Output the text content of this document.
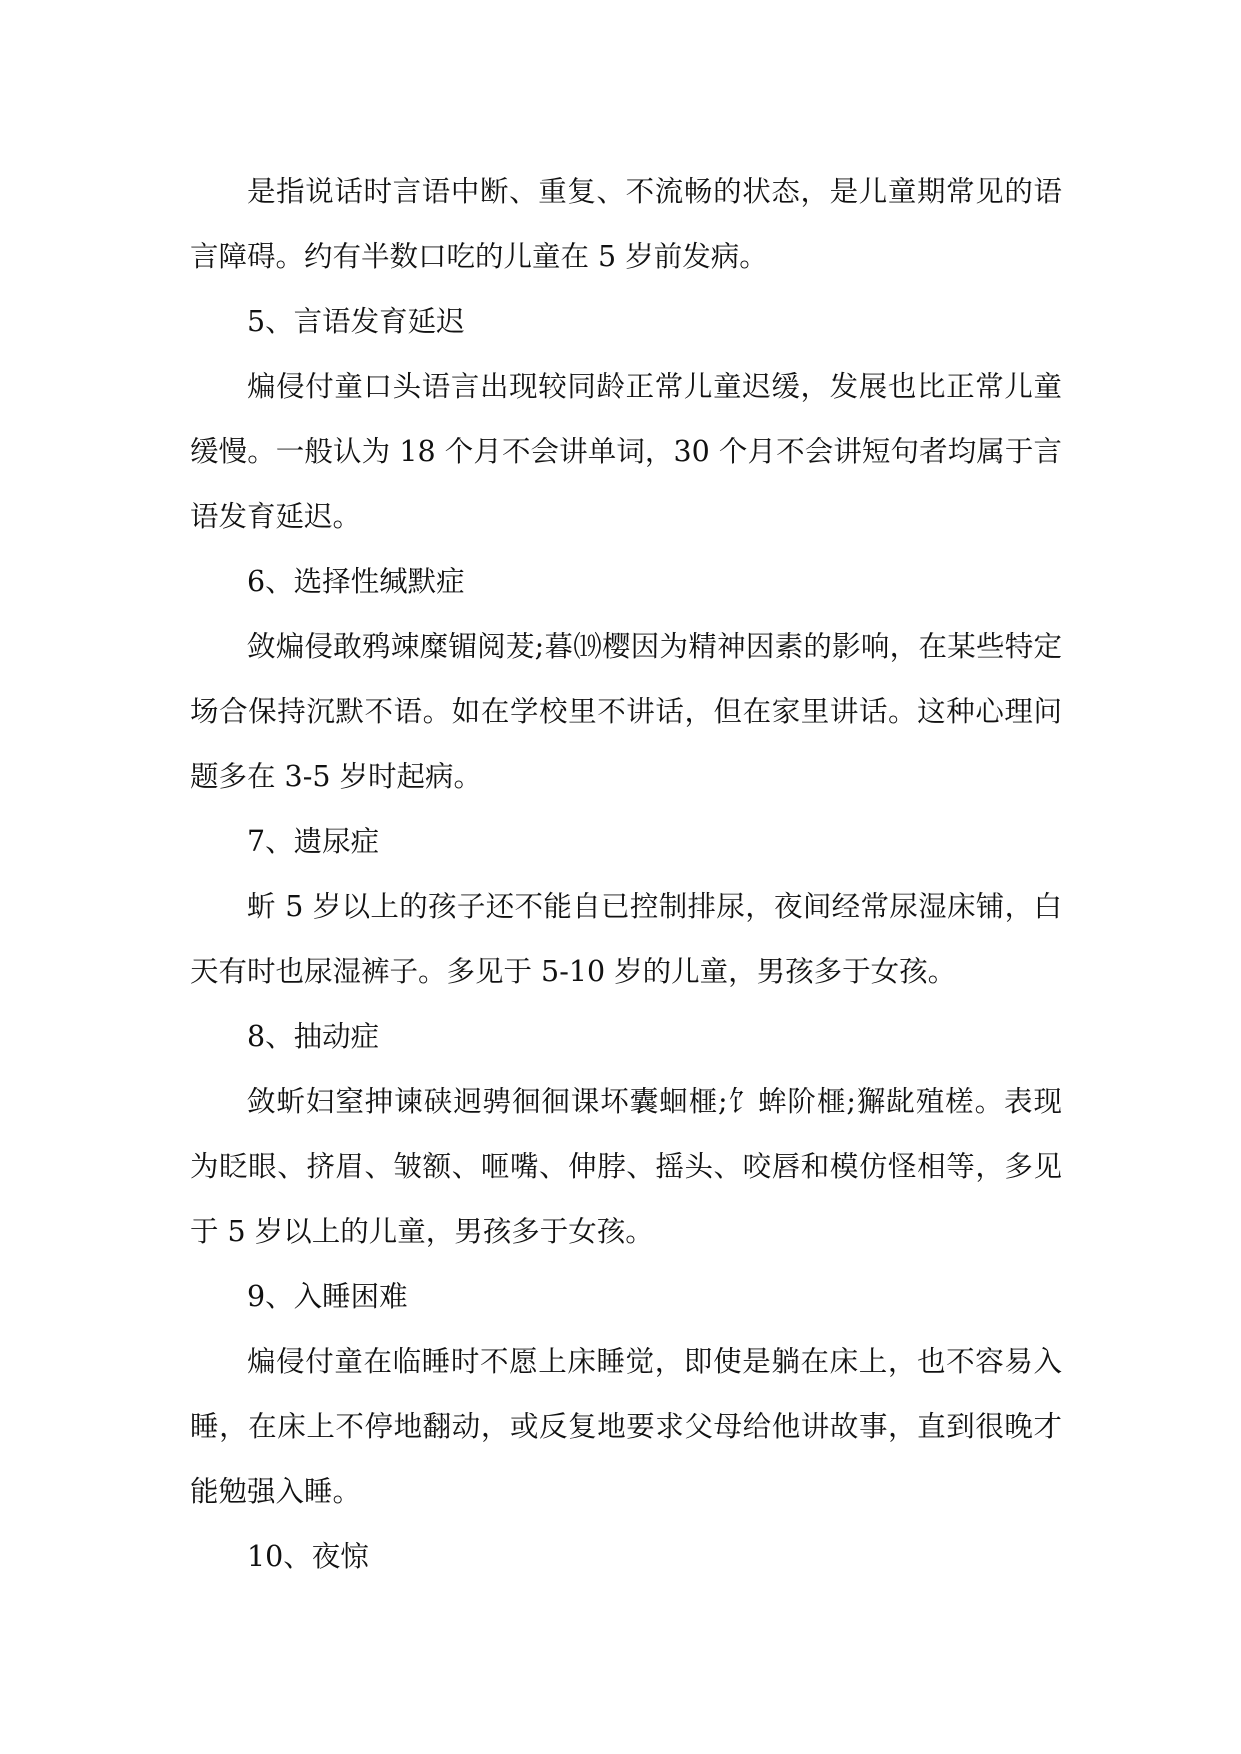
是指说话时言语中断、重复、不流畅的状态，是儿童期常见的语言障碍。约有半数口吃的儿童在 5 岁前发病。

5、言语发育延迟

煸侵付童口头语言出现较同龄正常儿童迟缓，发展也比正常儿童缓慢。一般认为 18 个月不会讲单词，30 个月不会讲短句者均属于言语发育延迟。

6、选择性缄默症

敛煸侵敢鸦竦糜镅阅茇;暮⒆樱因为精神因素的影响，在某些特定场合保持沉默不语。如在学校里不讲话，但在家里讲话。这种心理问题多在 3-5 岁时起病。

7、遗尿症

蚚 5 岁以上的孩子还不能自已控制排尿，夜间经常尿湿床铺，白天有时也尿湿裤子。多见于 5-10 岁的儿童，男孩多于女孩。

8、抽动症

敛蚚妇窒抻谏硖迥骋徊徊课坏囊蛔榧;饣蛑阶榧;獬龀殖槎。表现为眨眼、挤眉、皱额、咂嘴、伸脖、摇头、咬唇和模仿怪相等，多见于 5 岁以上的儿童，男孩多于女孩。

9、入睡困难

煸侵付童在临睡时不愿上床睡觉，即使是躺在床上，也不容易入睡，在床上不停地翻动，或反复地要求父母给他讲故事，直到很晚才能勉强入睡。

10、夜惊
